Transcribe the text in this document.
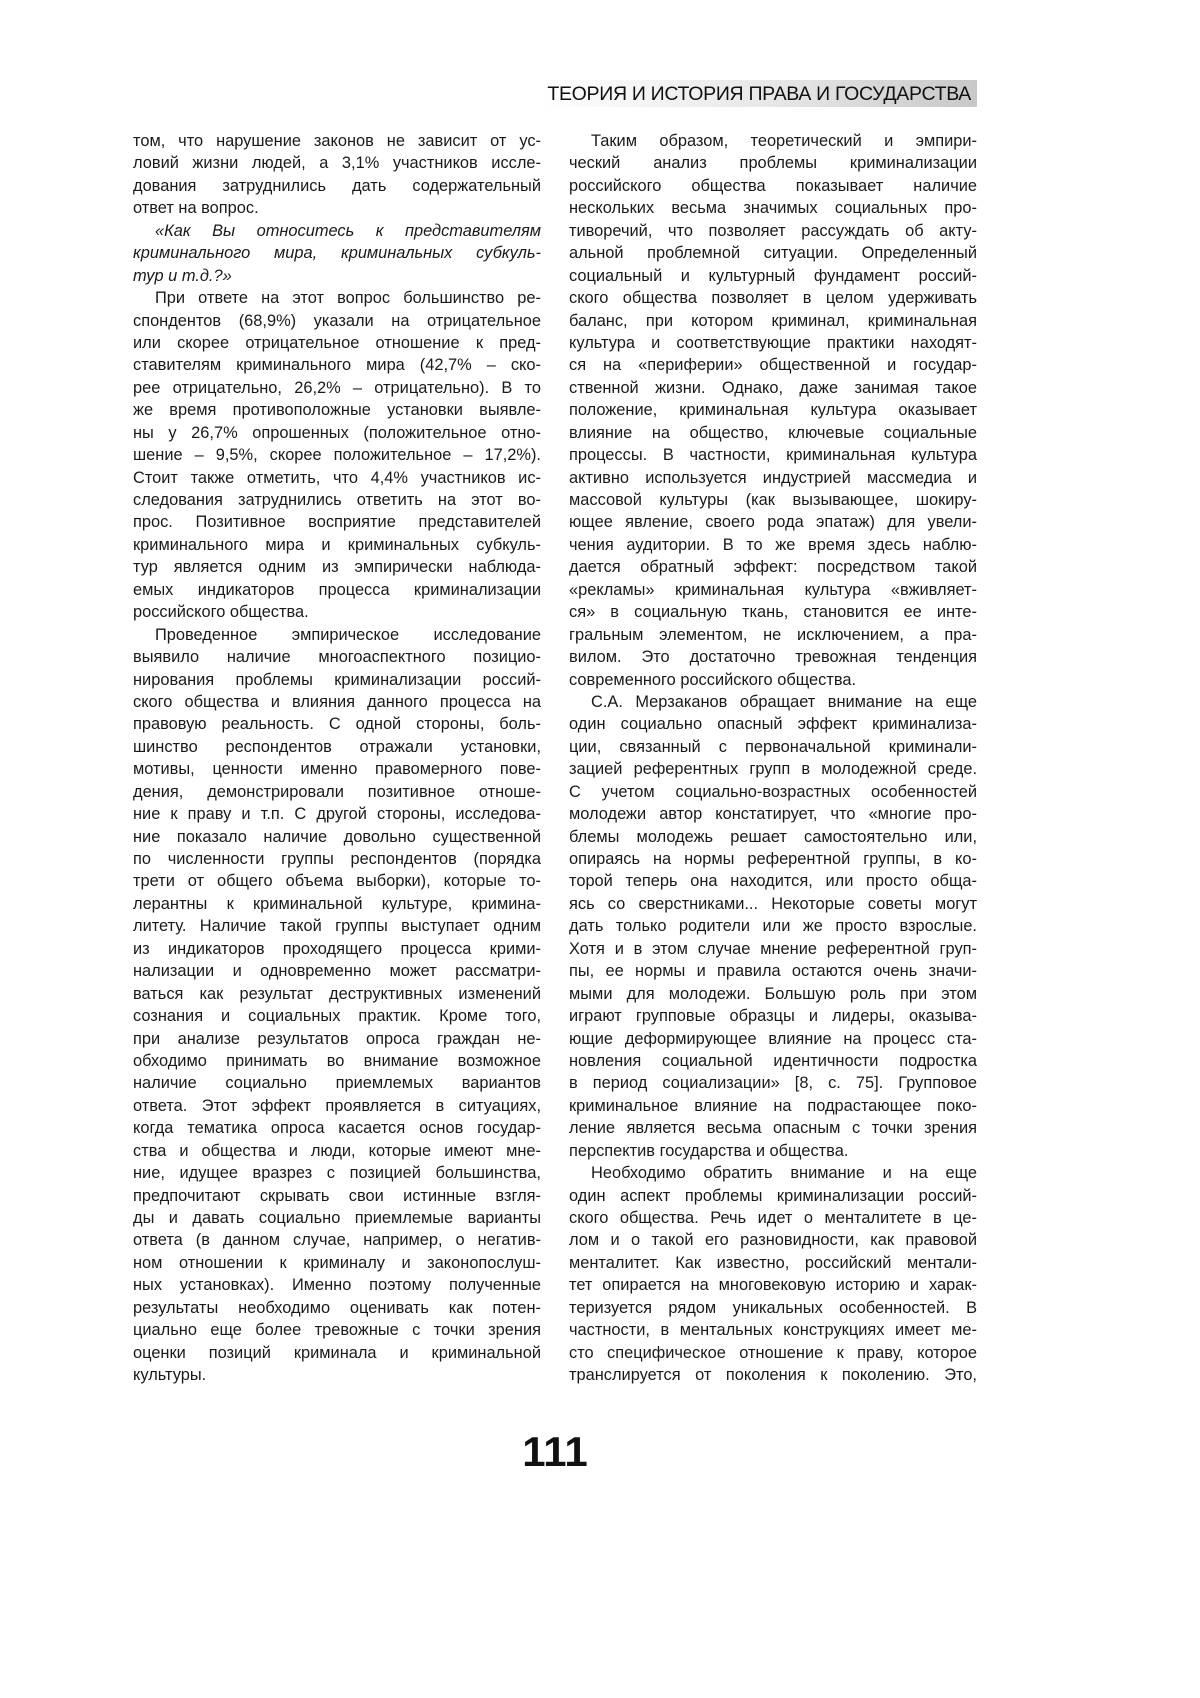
ТЕОРИЯ И ИСТОРИЯ ПРАВА И ГОСУДАРСТВА
том, что нарушение законов не зависит от ус-
ловий жизни людей, а 3,1% участников иссле-
дования затруднились дать содержательный
ответ на вопрос.
«Как Вы относитесь к представителям
криминального мира, криминальных субкуль-
тур и т.д.?»
При ответе на этот вопрос большинство ре-
спондентов (68,9%) указали на отрицательное
или скорее отрицательное отношение к пред-
ставителям криминального мира (42,7% – ско-
рее отрицательно, 26,2% – отрицательно). В то
же время противоположные установки выявле-
ны у 26,7% опрошенных (положительное отно-
шение – 9,5%, скорее положительное – 17,2%).
Стоит также отметить, что 4,4% участников ис-
следования затруднились ответить на этот во-
прос. Позитивное восприятие представителей
криминального мира и криминальных субкуль-
тур является одним из эмпирически наблюда-
емых индикаторов процесса криминализации
российского общества.
Проведенное эмпирическое исследование
выявило наличие многоаспектного позицио-
нирования проблемы криминализации россий-
ского общества и влияния данного процесса на
правовую реальность. С одной стороны, боль-
шинство респондентов отражали установки,
мотивы, ценности именно правомерного пове-
дения, демонстрировали позитивное отноше-
ние к праву и т.п. С другой стороны, исследова-
ние показало наличие довольно существенной
по численности группы респондентов (порядка
трети от общего объема выборки), которые то-
лерантны к криминальной культуре, кримина-
литету. Наличие такой группы выступает одним
из индикаторов проходящего процесса крими-
нализации и одновременно может рассматри-
ваться как результат деструктивных изменений
сознания и социальных практик. Кроме того,
при анализе результатов опроса граждан не-
обходимо принимать во внимание возможное
наличие социально приемлемых вариантов
ответа. Этот эффект проявляется в ситуациях,
когда тематика опроса касается основ государ-
ства и общества и люди, которые имеют мне-
ние, идущее вразрез с позицией большинства,
предпочитают скрывать свои истинные взгля-
ды и давать социально приемлемые варианты
ответа (в данном случае, например, о негатив-
ном отношении к криминалу и законопослуш-
ных установках). Именно поэтому полученные
результаты необходимо оценивать как потен-
циально еще более тревожные с точки зрения
оценки позиций криминала и криминальной
культуры.
Таким образом, теоретический и эмпири-
ческий анализ проблемы криминализации
российского общества показывает наличие
нескольких весьма значимых социальных про-
тиворечий, что позволяет рассуждать об акту-
альной проблемной ситуации. Определенный
социальный и культурный фундамент россий-
ского общества позволяет в целом удерживать
баланс, при котором криминал, криминальная
культура и соответствующие практики находят-
ся на «периферии» общественной и государ-
ственной жизни. Однако, даже занимая такое
положение, криминальная культура оказывает
влияние на общество, ключевые социальные
процессы. В частности, криминальная культура
активно используется индустрией массмедиа и
массовой культуры (как вызывающее, шокиру-
ющее явление, своего рода эпатаж) для увели-
чения аудитории. В то же время здесь наблю-
дается обратный эффект: посредством такой
«рекламы» криминальная культура «вживляет-
ся» в социальную ткань, становится ее инте-
гральным элементом, не исключением, а пра-
вилом. Это достаточно тревожная тенденция
современного российского общества.
С.А. Мерзаканов обращает внимание на еще
один социально опасный эффект криминализа-
ции, связанный с первоначальной криминали-
зацией референтных групп в молодежной среде.
С учетом социально-возрастных особенностей
молодежи автор констатирует, что «многие про-
блемы молодежь решает самостоятельно или,
опираясь на нормы референтной группы, в ко-
торой теперь она находится, или просто обща-
ясь со сверстниками... Некоторые советы могут
дать только родители или же просто взрослые.
Хотя и в этом случае мнение референтной груп-
пы, ее нормы и правила остаются очень значи-
мыми для молодежи. Большую роль при этом
играют групповые образцы и лидеры, оказыва-
ющие деформирующее влияние на процесс ста-
новления социальной идентичности подростка
в период социализации» [8, с. 75]. Групповое
криминальное влияние на подрастающее поко-
ление является весьма опасным с точки зрения
перспектив государства и общества.
Необходимо обратить внимание и на еще
один аспект проблемы криминализации россий-
ского общества. Речь идет о менталитете в це-
лом и о такой его разновидности, как правовой
менталитет. Как известно, российский ментали-
тет опирается на многовековую историю и харак-
теризуется рядом уникальных особенностей. В
частности, в ментальных конструкциях имеет ме-
сто специфическое отношение к праву, которое
транслируется от поколения к поколению. Это,
111
